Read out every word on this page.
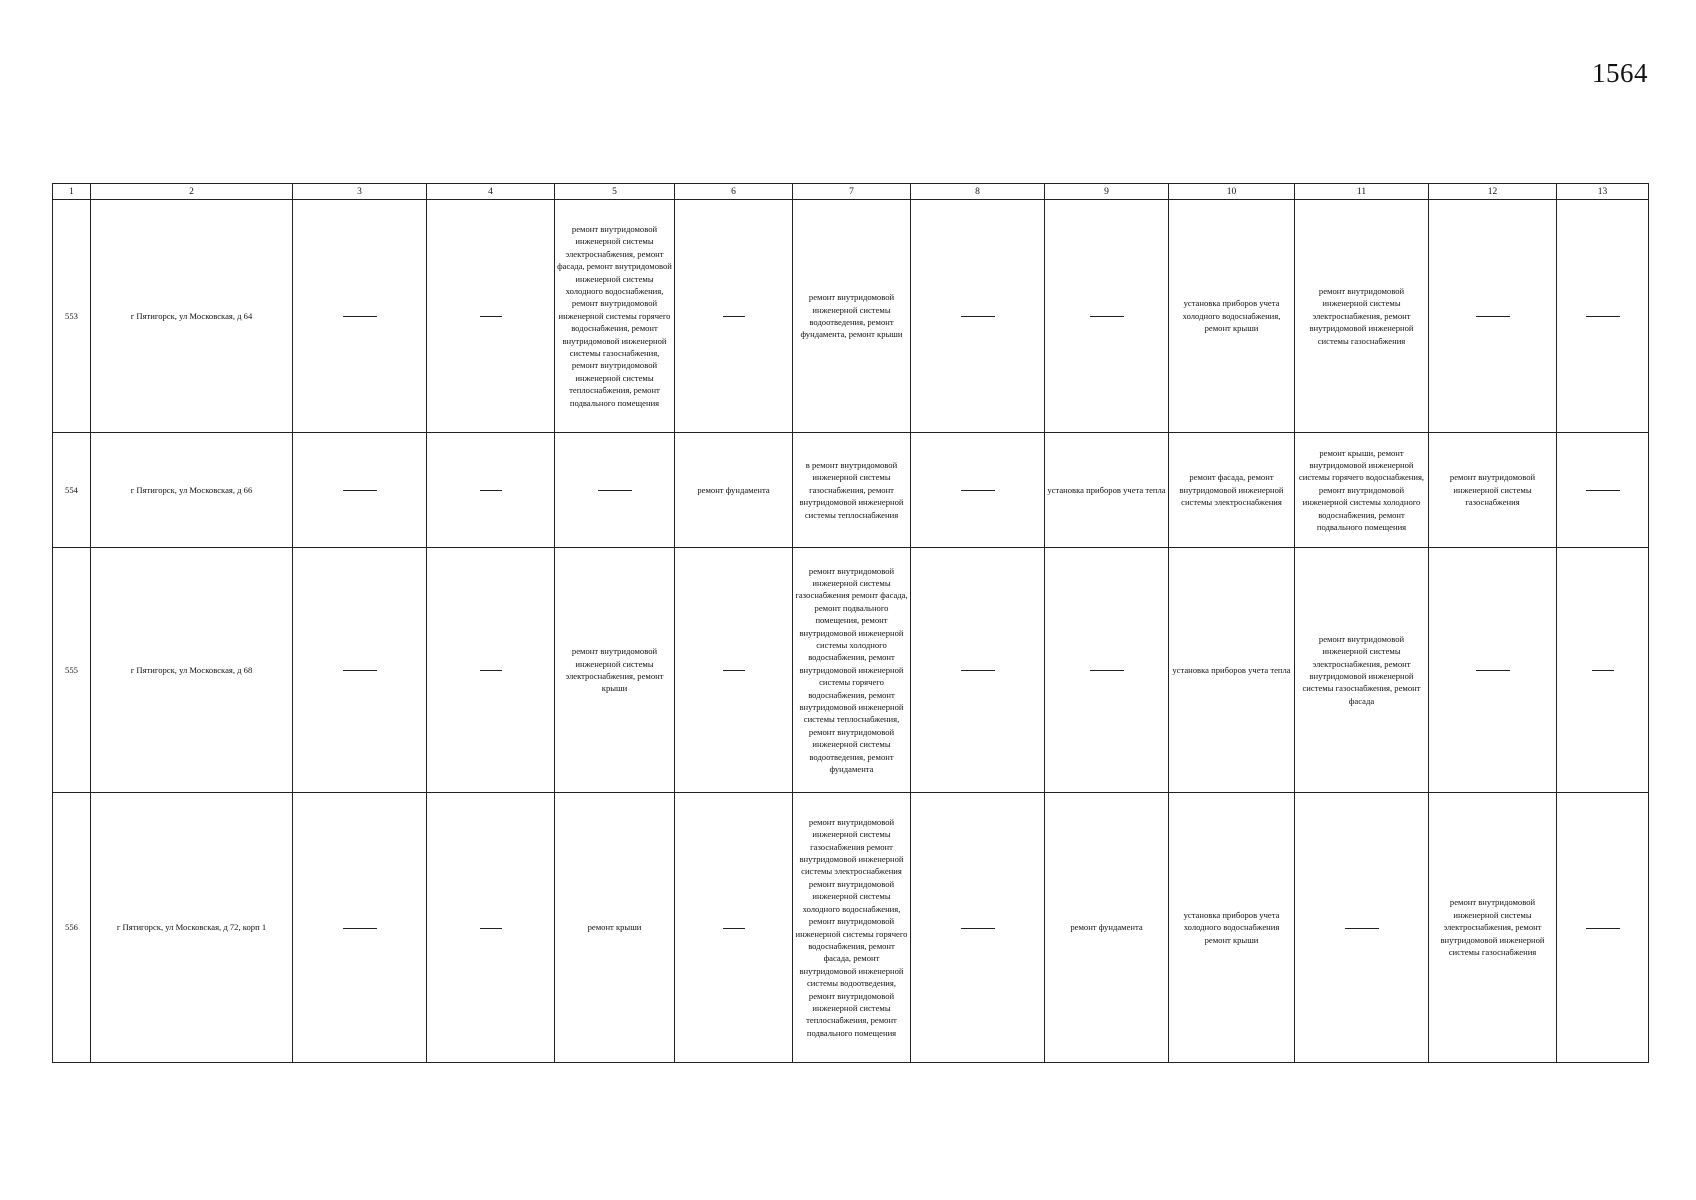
1564
1	2	3	4	5	6	7	8	9	10	11	12	13
553	г Пятигорск, ул Московская, д 64			ремонт внутридомовой инженерной системы электроснабжения, ремонт фасада, ремонт внутридомовой инженерной системы холодного водоснабжения, ремонт внутридомовой инженерной системы горячего водоснабжения, ремонт внутридомовой инженерной системы газоснабжения, ремонт внутридомовой инженерной системы теплоснабжения, ремонт подвального помещения		ремонт внутридомовой инженерной системы водоотведения, ремонт фундамента, ремонт крыши			установка приборов учета холодного водоснабжения, ремонт крыши	ремонт внутридомовой инженерной системы электроснабжения, ремонт внутридомовой инженерной системы газоснабжения		
554	г Пятигорск, ул Московская, д 66				ремонт фундамента	в ремонт внутридомовой инженерной системы газоснабжения, ремонт внутридомовой инженерной системы теплоснабжения		установка приборов учета тепла	ремонт фасада, ремонт внутридомовой инженерной системы электроснабжения	ремонт крыши, ремонт внутридомовой инженерной системы горячего водоснабжения, ремонт внутридомовой инженерной системы холодного водоснабжения, ремонт подвального помещения	ремонт внутридомовой инженерной системы газоснабжения	
555	г Пятигорск, ул Московская, д 68			ремонт внутридомовой инженерной системы электроснабжения, ремонт крыши		ремонт внутридомовой инженерной системы газоснабжения ремонт фасада, ремонт подвального помещения, ремонт внутридомовой инженерной системы холодного водоснабжения, ремонт внутридомовой инженерной системы горячего водоснабжения, ремонт внутридомовой инженерной системы теплоснабжения, ремонт внутридомовой инженерной системы водоотведения, ремонт фундамента			установка приборов учета тепла	ремонт внутридомовой инженерной системы электроснабжения, ремонт внутридомовой инженерной системы газоснабжения, ремонт фасада		
556	г Пятигорск, ул Московская, д 72, корп 1			ремонт крыши		ремонт внутридомовой инженерной системы газоснабжения ремонт внутридомовой инженерной системы электроснабжения ремонт внутридомовой инженерной системы холодного водоснабжения, ремонт внутридомовой инженерной системы горячего водоснабжения, ремонт фасада, ремонт внутридомовой инженерной системы водоотведения, ремонт внутридомовой инженерной системы теплоснабжения, ремонт подвального помещения		ремонт фундамента	установка приборов учета холодного водоснабжения ремонт крыши		ремонт внутридомовой инженерной системы электроснабжения, ремонт внутридомовой инженерной системы газоснабжения	
